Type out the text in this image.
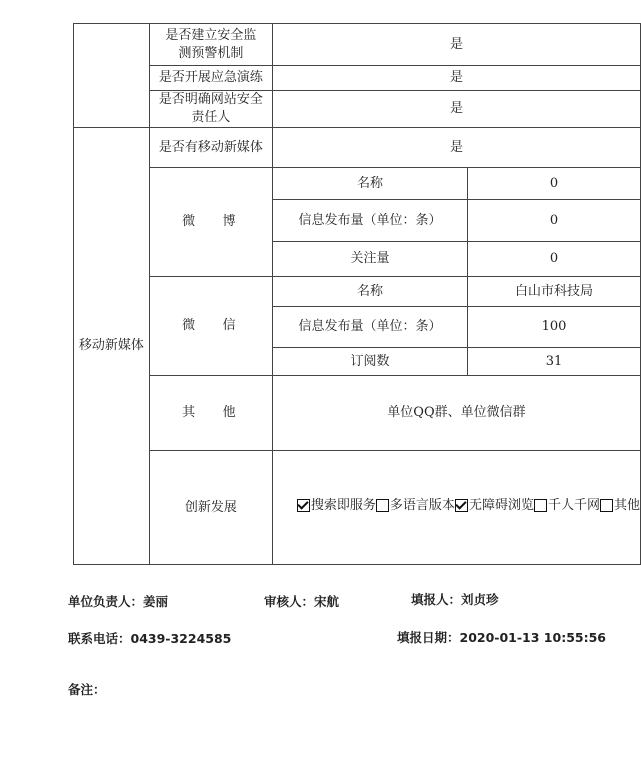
	是否建立安全监测预警机制	是	
	是否开展应急演练	是	
	是否明确网站安全责任人	是	
移动新媒体	是否有移动新媒体	是	
	微 博	名称	0
		信息发布量（单位：条）	0
		关注量	0
	微 信	名称	白山市科技局
		信息发布量（单位：条）	100
		订阅数	31
	其 他	单位QQ群、单位微信群	
	创新发展	搜索即服务 多语言版本 无障碍浏览 千人千网 其他	
单位负责人：姜丽	审核人：宋航	填报人：刘贞珍
联系电话：0439-3224585	填报日期：2020-01-13 10:55:56
备注：
